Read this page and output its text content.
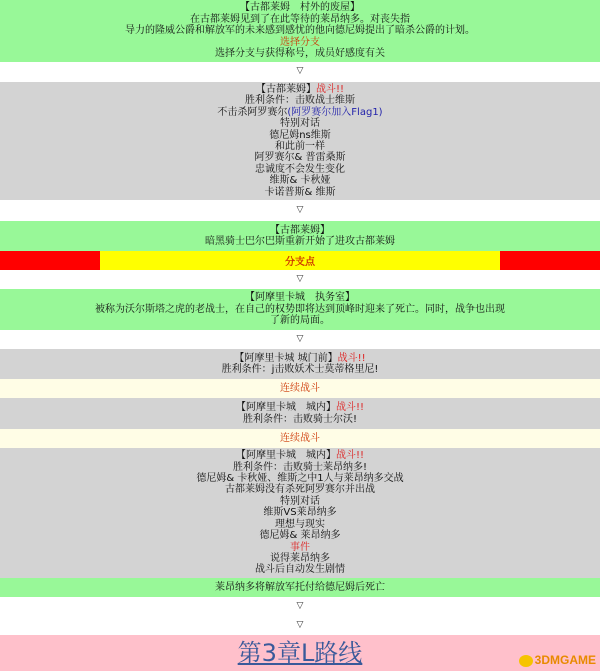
【古都莱姆　村外的废屋】
在古都莱姆见到了在此等待的莱昂纳多。对丧失指
导力的隆威公爵和解放军的未来感到感忧的他向德尼姆提出了暗杀公爵的计划。
选择分支
选择分支与获得称号，成员好感度有关
▽
【古都莱姆】战斗!!
胜利条件：击败战士维斯
不击杀阿罗赛尔(阿罗赛尔加入Flag1)
特别对话
德尼姆ns维斯
和此前一样
阿罗赛尔& 普雷桑斯
忠诚度不会发生变化
维斯& 卡秋娅
卡诺普斯& 维斯
▽
【古都莱姆】
暗黑骑士巴尔巴斯重新开始了进攻古都莱姆
分支点
▽
【阿摩里卡城　执务室】
被称为沃尔斯塔之虎的老战士，在自己的权势即将达到顶峰时迎来了死亡。同时，战争也出现
了新的局面。
▽
【阿摩里卡城 城门前】战斗!!
胜利条件：j击败妖术士莫蒂格里尼!
连续战斗
【阿摩里卡城　城内】战斗!!
胜利条件：击败骑士尔沃!
连续战斗
【阿摩里卡城　城内】战斗!!
胜利条件：击败骑士莱昂纳多!
德尼姆& 卡秋娅、维斯之中1人与莱昂纳多交战
古都莱姆没有杀死阿罗赛尔并出战
特别对话
维斯VS莱昂纳多
理想与现实
德尼姆& 莱昂纳多
事件
说得莱昂纳多
战斗后自动发生剧情
莱昂纳多将解放军托付给德尼姆后死亡
▽
▽
第3章L路线	3DMGAME
